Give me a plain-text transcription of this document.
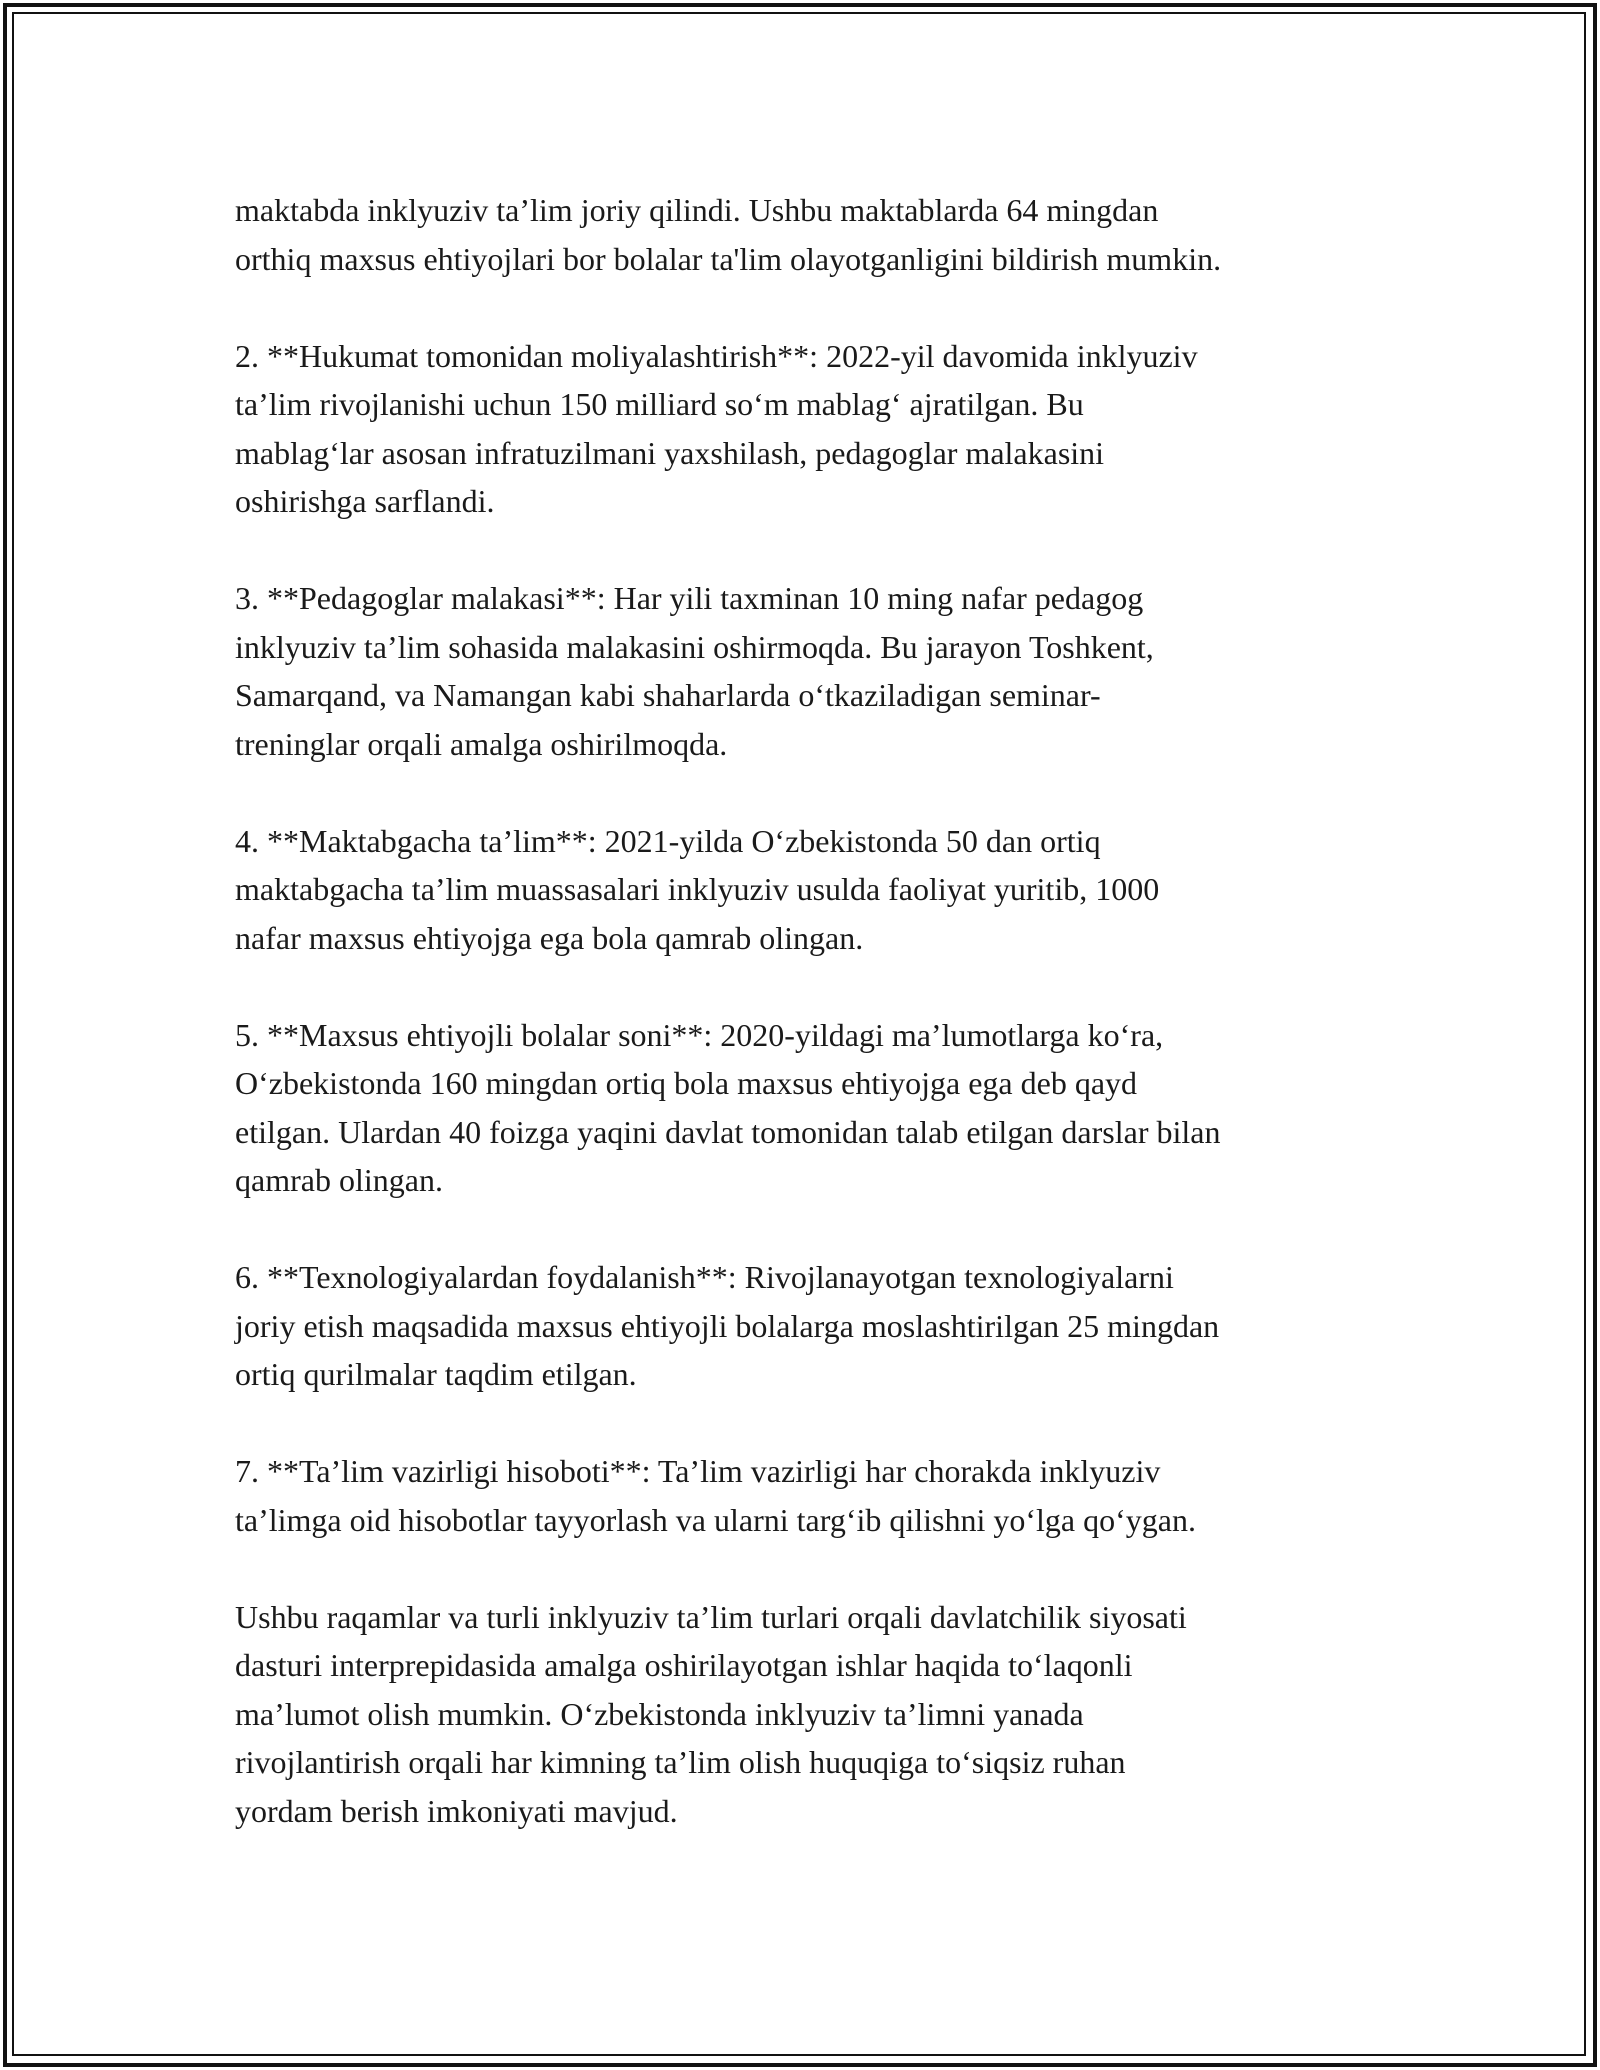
maktabda inklyuziv ta’lim joriy qilindi. Ushbu maktablarda 64 mingdan
orthiq maxsus ehtiyojlari bor bolalar ta'lim olayotganligini bildirish mumkin.

2. **Hukumat tomonidan moliyalashtirish**: 2022-yil davomida inklyuziv
ta’lim rivojlanishi uchun 150 milliard so‘m mablag‘ ajratilgan. Bu
mablag‘lar asosan infratuzilmani yaxshilash, pedagoglar malakasini
oshirishga sarflandi.

3. **Pedagoglar malakasi**: Har yili taxminan 10 ming nafar pedagog
inklyuziv ta’lim sohasida malakasini oshirmoqda. Bu jarayon Toshkent,
Samarqand, va Namangan kabi shaharlarda o‘tkaziladigan seminar-
treninglar orqali amalga oshirilmoqda.

4. **Maktabgacha ta’lim**: 2021-yilda O‘zbekistonda 50 dan ortiq
maktabgacha ta’lim muassasalari inklyuziv usulda faoliyat yuritib, 1000
nafar maxsus ehtiyojga ega bola qamrab olingan.

5. **Maxsus ehtiyojli bolalar soni**: 2020-yildagi ma’lumotlarga ko‘ra,
O‘zbekistonda 160 mingdan ortiq bola maxsus ehtiyojga ega deb qayd
etilgan. Ulardan 40 foizga yaqini davlat tomonidan talab etilgan darslar bilan
qamrab olingan.

6. **Texnologiyalardan foydalanish**: Rivojlanayotgan texnologiyalarni
joriy etish maqsadida maxsus ehtiyojli bolalarga moslashtirilgan 25 mingdan
ortiq qurilmalar taqdim etilgan.

7. **Ta’lim vazirligi hisoboti**: Ta’lim vazirligi har chorakda inklyuziv
ta’limga oid hisobotlar tayyorlash va ularni targ‘ib qilishni yo‘lga qo‘ygan.

Ushbu raqamlar va turli inklyuziv ta’lim turlari orqali davlatchilik siyosati
dasturi interprepidasida amalga oshirilayotgan ishlar haqida to‘laqonli
ma’lumot olish mumkin. O‘zbekistonda inklyuziv ta’limni yanada
rivojlantirish orqali har kimning ta’lim olish huquqiga to‘siqsiz ruhan
yordam berish imkoniyati mavjud.
